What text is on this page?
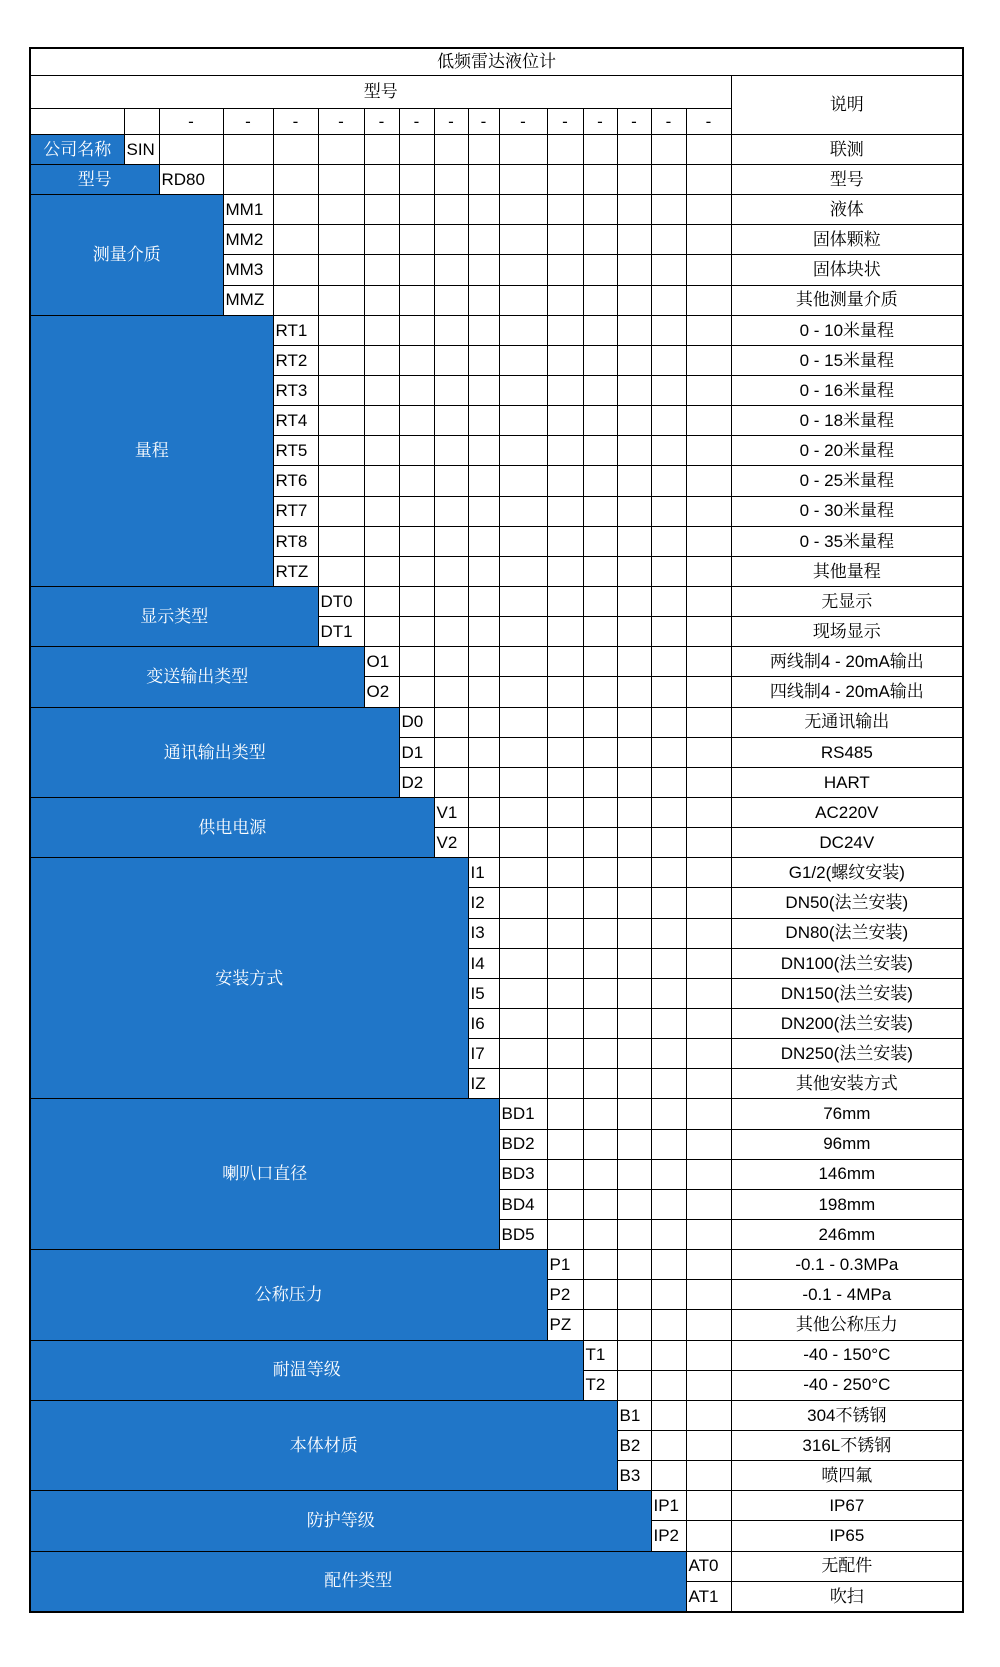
低频雷达液位计																
型号																说明
		-	-	-	-	-	-	-	-	-	-	-	-	-	-	
公司名称	SIN															联测
型号		RD80														型号
测量介质			MM1													液体
			MM2													固体颗粒
			MM3													固体块状
			MMZ													其他测量介质
量程				RT1												0 - 10米量程
				RT2												0 - 15米量程
				RT3												0 - 16米量程
				RT4												0 - 18米量程
				RT5												0 - 20米量程
				RT6												0 - 25米量程
				RT7												0 - 30米量程
				RT8												0 - 35米量程
				RTZ												其他量程
显示类型					DT0											无显示
					DT1											现场显示
变送输出类型						O1										两线制4 - 20mA输出
						O2										四线制4 - 20mA输出
通讯输出类型							D0									无通讯输出
							D1									RS485
							D2									HART
供电电源								V1								AC220V
								V2								DC24V
安装方式									I1							G1/2(螺纹安装)
									I2							DN50(法兰安装)
									I3							DN80(法兰安装)
									I4							DN100(法兰安装)
									I5							DN150(法兰安装)
									I6							DN200(法兰安装)
									I7							DN250(法兰安装)
									IZ							其他安装方式
喇叭口直径										BD1						76mm
										BD2						96mm
										BD3						146mm
										BD4						198mm
										BD5						246mm
公称压力											P1					-0.1 - 0.3MPa
											P2					-0.1 - 4MPa
											PZ					其他公称压力
耐温等级												T1				-40 - 150°C
												T2				-40 - 250°C
本体材质													B1			304不锈钢
													B2			316L不锈钢
													B3			喷四氟
防护等级														IP1		IP67
														IP2		IP65
配件类型															AT0	无配件
															AT1	吹扫
